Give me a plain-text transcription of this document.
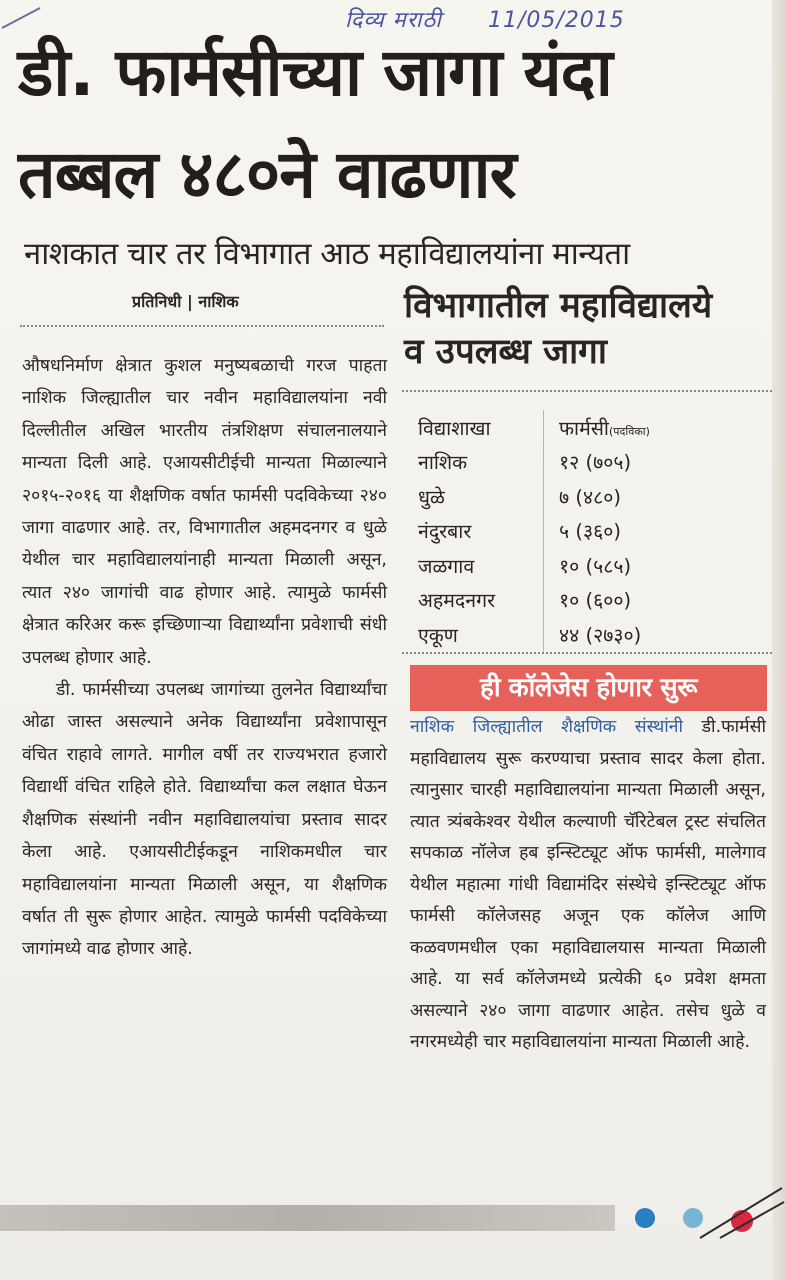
दिव्य मराठी 11/05/2015
डी. फार्मसीच्या जागा यंदा
तब्बल ४८०ने वाढणार
नाशकात चार तर विभागात आठ महाविद्यालयांना मान्यता
प्रतिनिधी | नाशिक

औषधनिर्माण क्षेत्रात कुशल मनुष्यबळाची गरज पाहता नाशिक जिल्ह्यातील चार नवीन महाविद्यालयांना नवी दिल्लीतील अखिल भारतीय तंत्रशिक्षण संचालनालयाने मान्यता दिली आहे. एआयसीटीईची मान्यता मिळाल्याने २०१५-२०१६ या शैक्षणिक वर्षात फार्मसी पदविकेच्या २४० जागा वाढणार आहे. तर, विभागातील अहमदनगर व धुळे येथील चार महाविद्यालयांनाही मान्यता मिळाली असून, त्यात २४० जागांची वाढ होणार आहे. त्यामुळे फार्मसी क्षेत्रात करिअर करू इच्छिणाऱ्या विद्यार्थ्यांना प्रवेशाची संधी उपलब्ध होणार आहे.

डी. फार्मसीच्या उपलब्ध जागांच्या तुलनेत विद्यार्थ्यांचा ओढा जास्त असल्याने अनेक विद्यार्थ्यांना प्रवेशापासून वंचित राहावे लागते. मागील वर्षी तर राज्यभरात हजारो विद्यार्थी वंचित राहिले होते. विद्यार्थ्यांचा कल लक्षात घेऊन शैक्षणिक संस्थांनी नवीन महाविद्यालयांचा प्रस्ताव सादर केला आहे. एआयसीटीईकडून नाशिकमधील चार महाविद्यालयांना मान्यता मिळाली असून, या शैक्षणिक वर्षात ती सुरू होणार आहेत. त्यामुळे फार्मसी पदविकेच्या जागांमध्ये वाढ होणार आहे.

विभागातील महाविद्यालये
व उपलब्ध जागा
विद्याशाखा		फार्मसी(पदविका)
नाशिक		१२ (७०५)
धुळे		७ (४८०)
नंदुरबार		५ (३६०)
जळगाव		१० (५८५)
अहमदनगर		१० (६००)
एकूण		४४ (२७३०)
ही कॉलेजेस होणार सुरू
नाशिक जिल्ह्यातील शैक्षणिक संस्थांनी डी.फार्मसी महाविद्यालय सुरू करण्याचा प्रस्ताव सादर केला होता. त्यानुसार चारही महाविद्यालयांना मान्यता मिळाली असून, त्यात त्र्यंबकेश्वर येथील कल्याणी चॅरिटेबल ट्रस्ट संचलित सपकाळ नॉलेज हब इन्स्टिट्यूट ऑफ फार्मसी, मालेगाव येथील महात्मा गांधी विद्यामंदिर संस्थेचे इन्स्टिट्यूट ऑफ फार्मसी कॉलेजसह अजून एक कॉलेज आणि कळवणमधील एका महाविद्यालयास मान्यता मिळाली आहे. या सर्व कॉलेजमध्ये प्रत्येकी ६० प्रवेश क्षमता असल्याने २४० जागा वाढणार आहेत. तसेच धुळे व नगरमध्येही चार महाविद्यालयांना मान्यता मिळाली आहे.
